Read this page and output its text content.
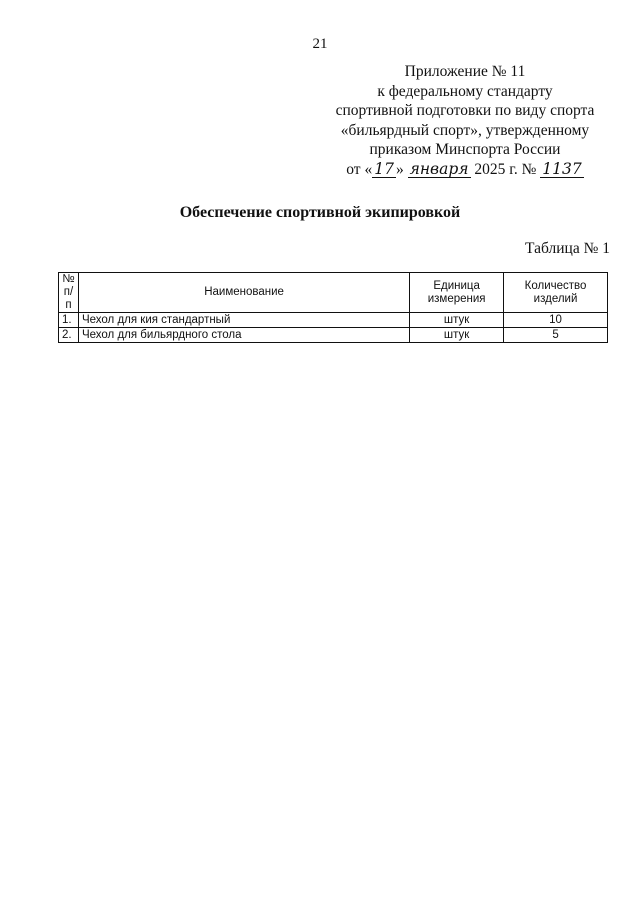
21
Приложение № 11
к федеральному стандарту
спортивной подготовки по виду спорта
«бильярдный спорт», утвержденному
приказом Минспорта России
от « 17 » января 2025 г. № 1137
Обеспечение спортивной экипировкой
Таблица № 1
№ п/п	Наименование	Единица измерения	Количество изделий
1.	Чехол для кия стандартный	штук	10
2.	Чехол для бильярдного стола	штук	5
